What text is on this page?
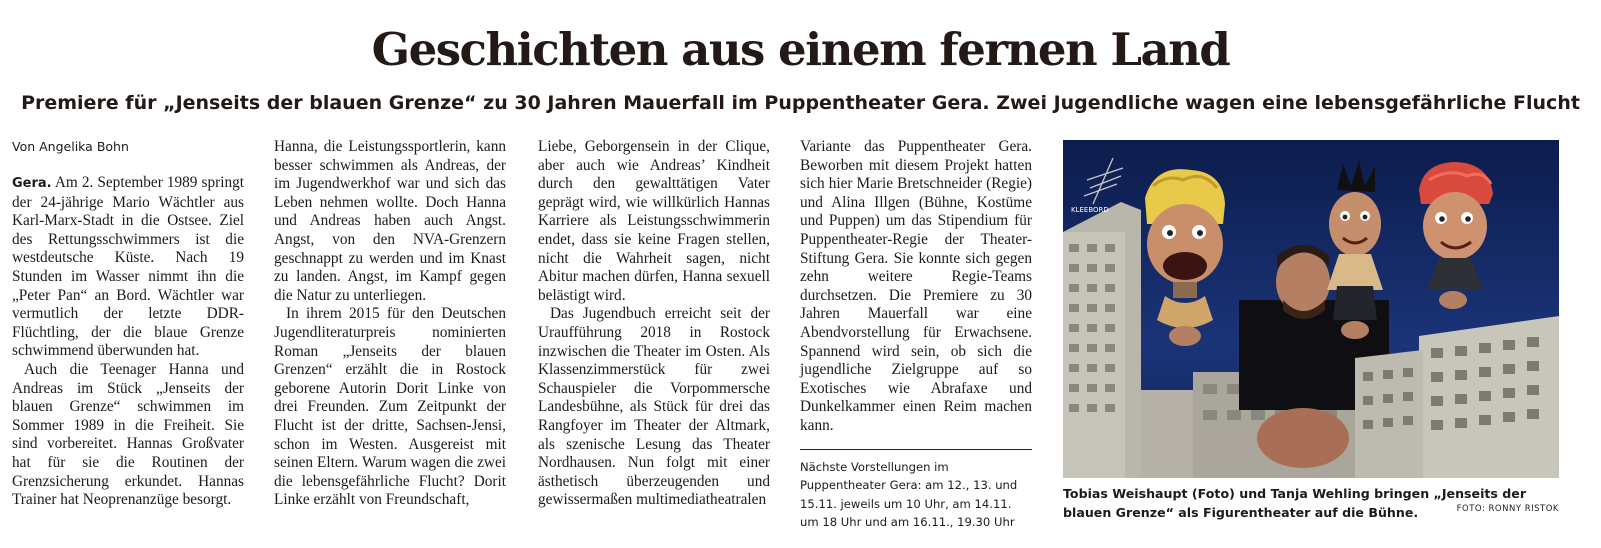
Geschichten aus einem fernen Land
Premiere für „Jenseits der blauen Grenze“ zu 30 Jahren Mauerfall im Puppentheater Gera. Zwei Jugendliche wagen eine lebensgefährliche Flucht

Von Angelika Bohn

Gera. Am 2. September 1989 springt der 24-jährige Mario Wächtler aus Karl-Marx-Stadt in die Ostsee. Ziel des Rettungsschwimmers ist die westdeutsche Küste. Nach 19 Stunden im Wasser nimmt ihn die „Peter Pan“ an Bord. Wächtler war vermutlich der letzte DDR-Flüchtling, der die blaue Grenze schwimmend überwunden hat.

Auch die Teenager Hanna und Andreas im Stück „Jenseits der blauen Grenze“ schwimmen im Sommer 1989 in die Freiheit. Sie sind vorbereitet. Hannas Großvater hat für sie die Routinen der Grenzsicherung erkundet. Hannas Trainer hat Neoprenanzüge besorgt.

Hanna, die Leistungssportlerin, kann besser schwimmen als Andreas, der im Jugendwerkhof war und sich das Leben nehmen wollte. Doch Hanna und Andreas haben auch Angst. Angst, von den NVA-Grenzern geschnappt zu werden und im Knast zu landen. Angst, im Kampf gegen die Natur zu unterliegen.

In ihrem 2015 für den Deutschen Jugendliteraturpreis nominierten Roman „Jenseits der blauen Grenzen“ erzählt die in Rostock geborene Autorin Dorit Linke von drei Freunden. Zum Zeitpunkt der Flucht ist der dritte, Sachsen-Jensi, schon im Westen. Ausgereist mit seinen Eltern. Warum wagen die zwei die lebensgefährliche Flucht? Dorit Linke erzählt von Freundschaft,

Liebe, Geborgensein in der Clique, aber auch wie Andreas’ Kindheit durch den gewalttätigen Vater geprägt wird, wie willkürlich Hannas Karriere als Leistungsschwimmerin endet, dass sie keine Fragen stellen, nicht die Wahrheit sagen, nicht Abitur machen dürfen, Hanna sexuell belästigt wird.

Das Jugendbuch erreicht seit der Uraufführung 2018 in Rostock inzwischen die Theater im Osten. Als Klassenzimmerstück für zwei Schauspieler die Vorpommersche Landesbühne, als Stück für drei das Rangfoyer im Theater der Altmark, als szenische Lesung das Theater Nordhausen. Nun folgt mit einer ästhetisch überzeugenden und gewissermaßen multimediatheatralen

Variante das Puppentheater Gera. Beworben mit diesem Projekt hatten sich hier Marie Bretschneider (Regie) und Alina Illgen (Bühne, Kostüme und Puppen) um das Stipendium für Puppentheater-Regie der Theater-Stiftung Gera. Sie konnte sich gegen zehn weitere Regie-Teams durchsetzen. Die Premiere zu 30 Jahren Mauerfall war eine Abendvorstellung für Erwachsene. Spannend wird sein, ob sich die jugendliche Zielgruppe auf so Exotisches wie Abrafaxe und Dunkelkammer einen Reim machen kann.

Nächste Vorstellungen im Puppentheater Gera: am 12., 13. und 15.11. jeweils um 10 Uhr, am 14.11. um 18 Uhr und am 16.11., 19.30 Uhr

KLEEBORD

Tobias Weishaupt (Foto) und Tanja Wehling bringen „Jenseits der blauen Grenze“ als Figurentheater auf die Bühne.	FOTO: RONNY RISTOK
